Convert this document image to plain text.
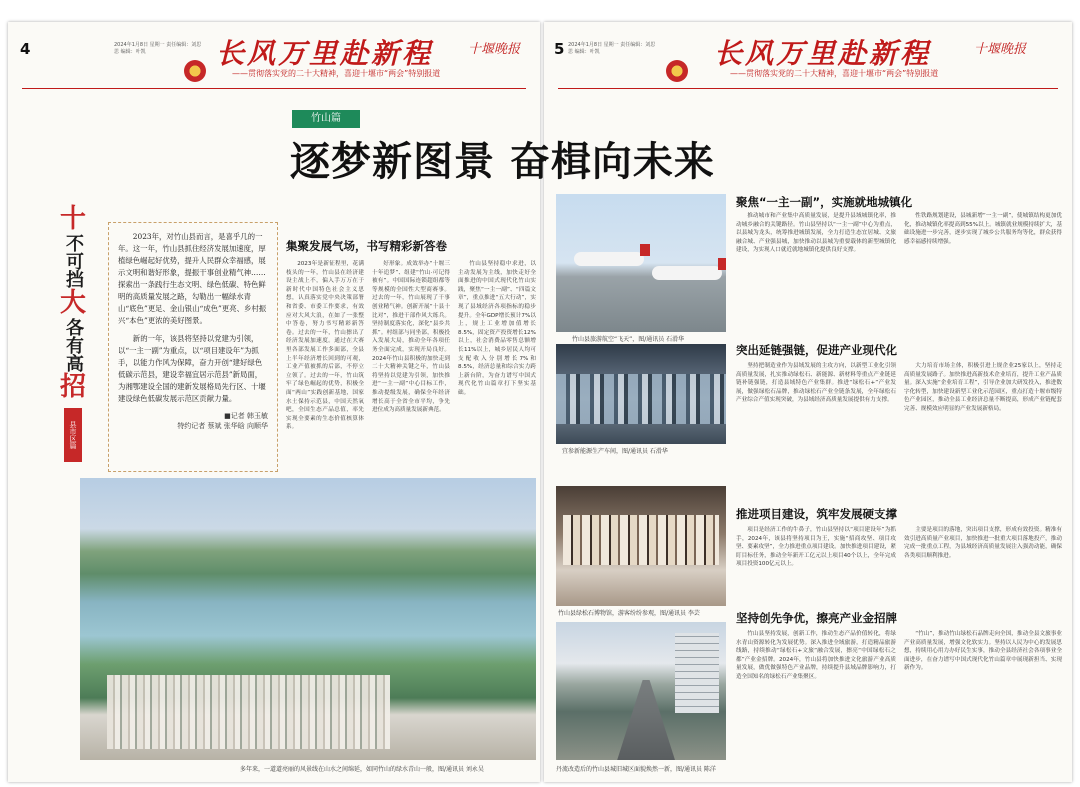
4	2024年1月8日 星期一 责任编辑：刘思思 编辑：叶凯	长风万里赴新程
——贯彻落实党的二十大精神，喜迎十堰市“两会”特别报道
十堰晚报
十
不可挡
大
各有高
招
县市区篇

2023年，对竹山县而言，是喜乎几的一年。这一年，竹山县抓住经济发展加速度，厚植绿色崛起好优势，提升人民群众幸福感，展示文明和谐好形象，提振干事创业精气神……探索出一条践行生态文明、绿色低碳、特色鲜明的高质量发展之路，勾勒出一幅绿水青山“底色”更足、金山银山“成色”更亮、乡村振兴“本色”更浓的美好图景。

新的一年，该县将坚持以党建为引领，以“一主一副”为重点，以“项目建设年”为抓手，以能力作风为保障，奋力开创“建好绿色低碳示范县，建设幸福宜居示范县”新局面，为湘鄂建设全国的建新发展格局先行区、十堰建设绿色低碳发展示范区贡献力量。

■记者 韩玉敏
特约记者 蔡斌 张华晗 向顺华
集聚发展气场，书写精彩新答卷

2023年是新征程里，花满枝头的一年，竹山县在经济建设主战上不，偏入手万万在于新时代中国特色社会主义思想，认真落实党中央决策部署和省委、市委工作要求，有效应对大风大浪，在如了一张整中答卷，努力书写精彩新答卷。过去的一年，竹山擦出了经济发展加速度。通过在大赛里各部发展工作多面部，全县上半年经济增长回到的可观，工业产值被抓的后部，不停立立领了。过去的一年，竹山筑牢了绿色崛起的优势，积极全面“两山”实践创新基地，国家水土保持示范县，中国天然氧吧，全国生态产品总值，率先实现全要素的生态价值核算体系。

好形象。成效举办“十堰三十年追梦”、组建“竹山·可记得被有”。中国国际连锁超组都等等规模的全国性大型商赛事。过去的一年，竹山展现了干事创业精气神。创新开展“十县十比对”，推进干部作风大练兵。坚持制度落实化，深化“县乡共抓”。村组部与同坐部，积极投入发展大局，推动全年各项任务全面完成，实现开局良好。2024年竹山县积极的加快走到二十大精神关键之年，竹山县将坚持以党建为引领，加快推进“一主一副”中心目标工作，推动提级发展，确保全年经济增长高于全省全市平均，争先进位成为高质量发展新典范。

竹山县坚持稳中求进，以主动发展为主线，加快走好全面推进的中国式现代化竹山实践，聚焦“一主一副”、“四篇文章”，重点推进“五大行动”，实现了县域经济各项指标的稳步提升。全年GDP增长预计7%以上，规上工业增加值增长8.5%，固定资产投资增长12%以上，社会消费品零售总额增长11%以上，城乡居民人均可支配收入分别增长7%和8.5%，经济总量和综合实力跨上新台阶，为奋力谱写中国式现代化竹山篇章打下坚实基础。

多年来，一道道亮丽的风景线在山水之间绵延，如同竹山的绿水青山一般，图/通讯员 刘永吴
5 2024年1月8日 星期一 责任编辑：刘思思 编辑：叶凯	长风万里赴新程
——贯彻落实党的二十大精神，喜迎十堰市“两会”特别报道
十堰晚报
竹山县旅游航空“飞天”，图/通讯员 石滑华
宜参新能源生产车间，图/通讯员 石滑华
竹山县绿松石博物馆，游客纷纷参观，图/通讯员 李芸
丹流改造后的竹山县城旧城区面貌焕然一新，图/通讯员 陈洋
聚焦“一主一副”，实施就地城镇化
推动城市和产业集中高质量发展，是提升县域城镇化率，推动城乡融合的关键路径。竹山县坚持以“一主一副”中心为重点，以县城为龙头，统筹推进城镇发展，全力打造生态宜居城、文旅融合城、产业强县城，加快推动以县城为重要载体的新型城镇化建设，为实现人口就近就地城镇化提供良好支撑。
性铁路规划建设，县城新增“一主一副”，使城镇结构更加优化，推动城镇化率提高到55%以上。城镇就业规模持续扩大，基础设施进一步完善，逐步实现了城乡公共服务均等化，群众获得感幸福感持续增强。
突出延链强链，促进产业现代化
坚持把制造业作为县域发展的主攻方向，以新型工业化引领高质量发展，扎实推动绿松石、新能源、新材料等重点产业链延链补链强链，打造县域特色产业集群。推进“绿松石+”产业发展，做强绿松石品牌，推动绿松石产业全链条发展，全年绿松石产业综合产值实现突破，为县域经济高质量发展提供有力支撑。
大力培育市场主体，积极引进上规企业25家以上，坚持走高质量发展路子。加快推进高新技术企业培育，提升工业产品质量。深入实施“企业培育工程”，引导企业加大研发投入，推进数字化转型，加快建设新型工业化示范园区，重点打造十堰市级特色产业园区，推动全县工业经济总量不断提高，形成产业链配套完善、规模效应明显的产业发展新格局。
推进项目建设，筑牢发展硬支撑
项目是经济工作的牛鼻子，竹山县坚持以“项目建设年”为抓手，2024年，该县将坚持项目为王，实施“招商攻坚、项目攻坚、要素攻坚”，全力推进重点项目建设。加快推进项目建设，紧盯目标任务，推动全年新开工亿元以上项目40个以上，全年完成项目投资100亿元以上。
主要是项目的落地，突出项目支撑，形成有效投资。精准有效引进高质量产业项目，加快推进一批重大项目落地投产，推动完成一批重点工程，为县域经济高质量发展注入强劲动能，确保各类项目顺利推进。
坚持创先争优，擦亮产业金招牌
竹山县坚持发展，创新工作，推动生态产品价值转化，将绿水青山资源转化为发展优势。深入推进全域旅游，打造精品旅游线路，持续推动“绿松石+文旅”融合发展，擦亮“中国绿松石之都”产业金招牌。2024年，竹山县将加快推进文化旅游产业高质量发展，做优做强特色产业品牌，持续提升县域品牌影响力，打造全国知名的绿松石产业集聚区。
“竹山”，推动竹山绿松石品牌走向全国，推动全县文旅事业产业高质量发展，增强文化软实力。坚持以人民为中心的发展思想，持续用心用力办好民生实事，推动全县经济社会各项事业全面进步，在奋力谱写中国式现代化竹山篇章中展现新担当、实现新作为。
竹山篇
逐梦新图景 奋楫向未来
